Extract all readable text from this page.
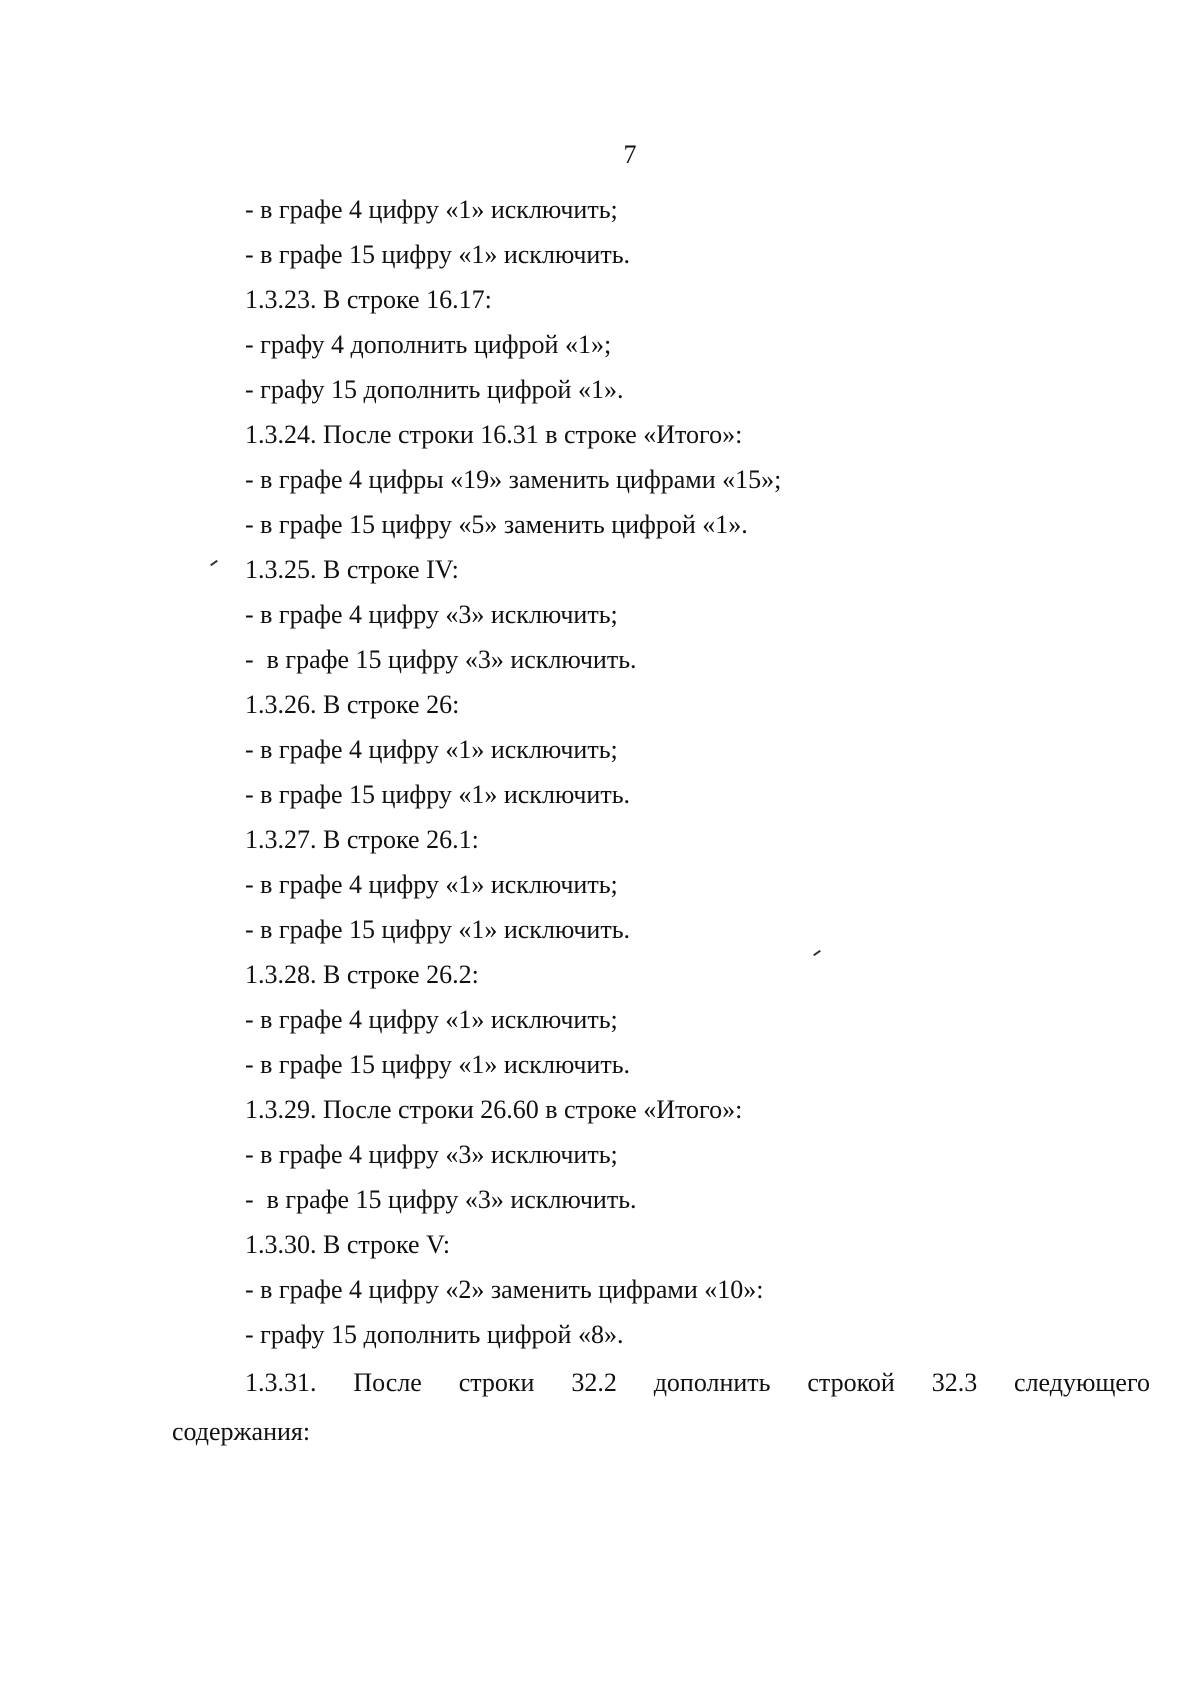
7
- в графе 4 цифру «1» исключить;
- в графе 15 цифру «1» исключить.
1.3.23. В строке 16.17:
- графу 4 дополнить цифрой «1»;
- графу 15 дополнить цифрой «1».
1.3.24. После строки 16.31 в строке «Итого»:
- в графе 4 цифры «19» заменить цифрами «15»;
- в графе 15 цифру «5» заменить цифрой «1».
1.3.25. В строке IV:
- в графе 4 цифру «3» исключить;
-  в графе 15 цифру «3» исключить.
1.3.26. В строке 26:
- в графе 4 цифру «1» исключить;
- в графе 15 цифру «1» исключить.
1.3.27. В строке 26.1:
- в графе 4 цифру «1» исключить;
- в графе 15 цифру «1» исключить.
1.3.28. В строке 26.2:
- в графе 4 цифру «1» исключить;
- в графе 15 цифру «1» исключить.
1.3.29. После строки 26.60 в строке «Итого»:
- в графе 4 цифру «3» исключить;
-  в графе 15 цифру «3» исключить.
1.3.30. В строке V:
- в графе 4 цифру «2» заменить цифрами «10»:
- графу 15 дополнить цифрой «8».
1.3.31. После строки 32.2 дополнить строкой 32.3 следующего
содержания:
